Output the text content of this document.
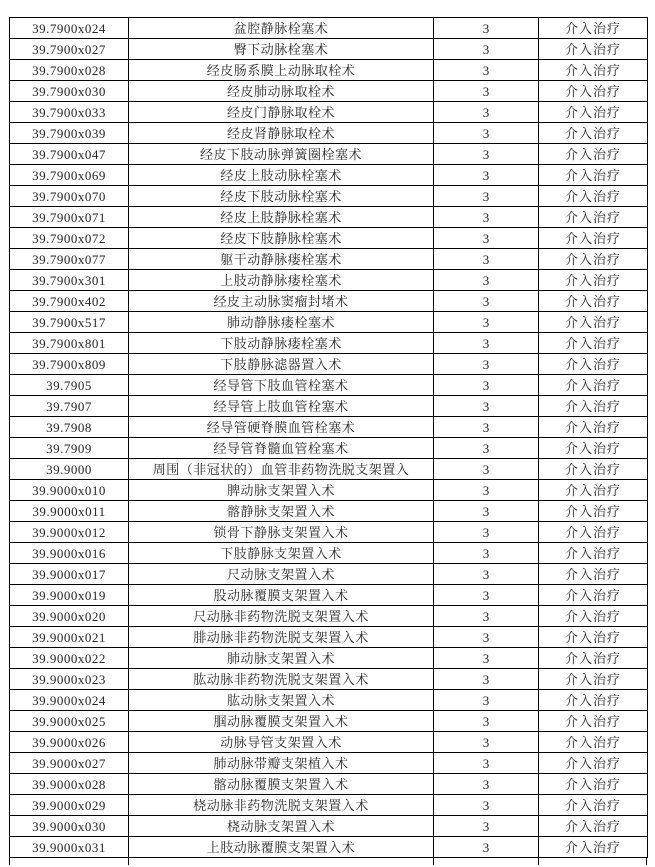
39.7900x024	盆腔静脉栓塞术	3	介入治疗
39.7900x027	臀下动脉栓塞术	3	介入治疗
39.7900x028	经皮肠系膜上动脉取栓术	3	介入治疗
39.7900x030	经皮肺动脉取栓术	3	介入治疗
39.7900x033	经皮门静脉取栓术	3	介入治疗
39.7900x039	经皮肾静脉取栓术	3	介入治疗
39.7900x047	经皮下肢动脉弹簧圈栓塞术	3	介入治疗
39.7900x069	经皮上肢动脉栓塞术	3	介入治疗
39.7900x070	经皮下肢动脉栓塞术	3	介入治疗
39.7900x071	经皮上肢静脉栓塞术	3	介入治疗
39.7900x072	经皮下肢静脉栓塞术	3	介入治疗
39.7900x077	躯干动静脉瘘栓塞术	3	介入治疗
39.7900x301	上肢动静脉瘘栓塞术	3	介入治疗
39.7900x402	经皮主动脉窦瘤封堵术	3	介入治疗
39.7900x517	肺动静脉瘘栓塞术	3	介入治疗
39.7900x801	下肢动静脉瘘栓塞术	3	介入治疗
39.7900x809	下肢静脉滤器置入术	3	介入治疗
39.7905	经导管下肢血管栓塞术	3	介入治疗
39.7907	经导管上肢血管栓塞术	3	介入治疗
39.7908	经导管硬脊膜血管栓塞术	3	介入治疗
39.7909	经导管脊髓血管栓塞术	3	介入治疗
39.9000	周围（非冠状的）血管非药物洗脱支架置入	3	介入治疗
39.9000x010	脾动脉支架置入术	3	介入治疗
39.9000x011	髂静脉支架置入术	3	介入治疗
39.9000x012	锁骨下静脉支架置入术	3	介入治疗
39.9000x016	下肢静脉支架置入术	3	介入治疗
39.9000x017	尺动脉支架置入术	3	介入治疗
39.9000x019	股动脉覆膜支架置入术	3	介入治疗
39.9000x020	尺动脉非药物洗脱支架置入术	3	介入治疗
39.9000x021	腓动脉非药物洗脱支架置入术	3	介入治疗
39.9000x022	肺动脉支架置入术	3	介入治疗
39.9000x023	肱动脉非药物洗脱支架置入术	3	介入治疗
39.9000x024	肱动脉支架置入术	3	介入治疗
39.9000x025	腘动脉覆膜支架置入术	3	介入治疗
39.9000x026	动脉导管支架置入术	3	介入治疗
39.9000x027	肺动脉带瓣支架植入术	3	介入治疗
39.9000x028	髂动脉覆膜支架置入术	3	介入治疗
39.9000x029	桡动脉非药物洗脱支架置入术	3	介入治疗
39.9000x030	桡动脉支架置入术	3	介入治疗
39.9000x031	上肢动脉覆膜支架置入术	3	介入治疗
